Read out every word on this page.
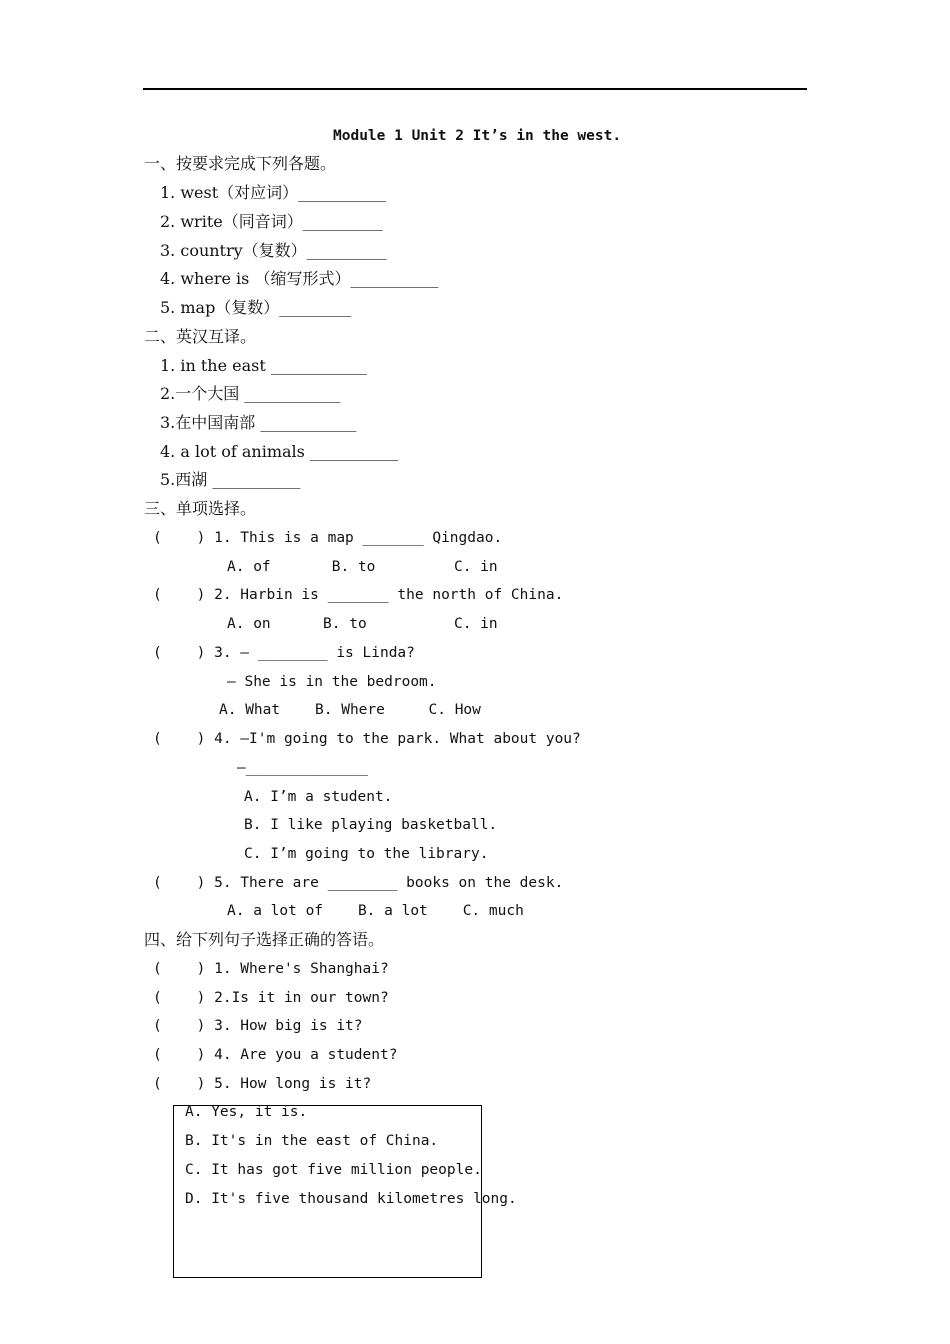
Module 1 Unit 2 It’s in the west.
一、按要求完成下列各题。
1. west（对应词）___________
2. write（同音词）__________
3. country（复数）__________
4. where is （缩写形式）___________
5. map（复数）_________
二、英汉互译。
1. in the east ____________
2.一个大国 ____________
3.在中国南部 ____________
4. a lot of animals ___________
5.西湖 ___________
三、单项选择。
(    ) 1. This is a map _______ Qingdao.
A. of       B. to         C. in
(    ) 2. Harbin is _______ the north of China.
A. on      B. to          C. in
(    ) 3. — ________ is Linda?
— She is in the bedroom.
A. What    B. Where     C. How
(    ) 4. —I'm going to the park. What about you?
—______________
A. I’m a student.
B. I like playing basketball.
C. I’m going to the library.
(    ) 5. There are ________ books on the desk.
A. a lot of    B. a lot    C. much
四、给下列句子选择正确的答语。
(    ) 1. Where's Shanghai?
(    ) 2.Is it in our town?
(    ) 3. How big is it?
(    ) 4. Are you a student?
(    ) 5. How long is it?
A. Yes, it is.
B. It's in the east of China.
C. It has got five million people.
D. It's five thousand kilometres long.
